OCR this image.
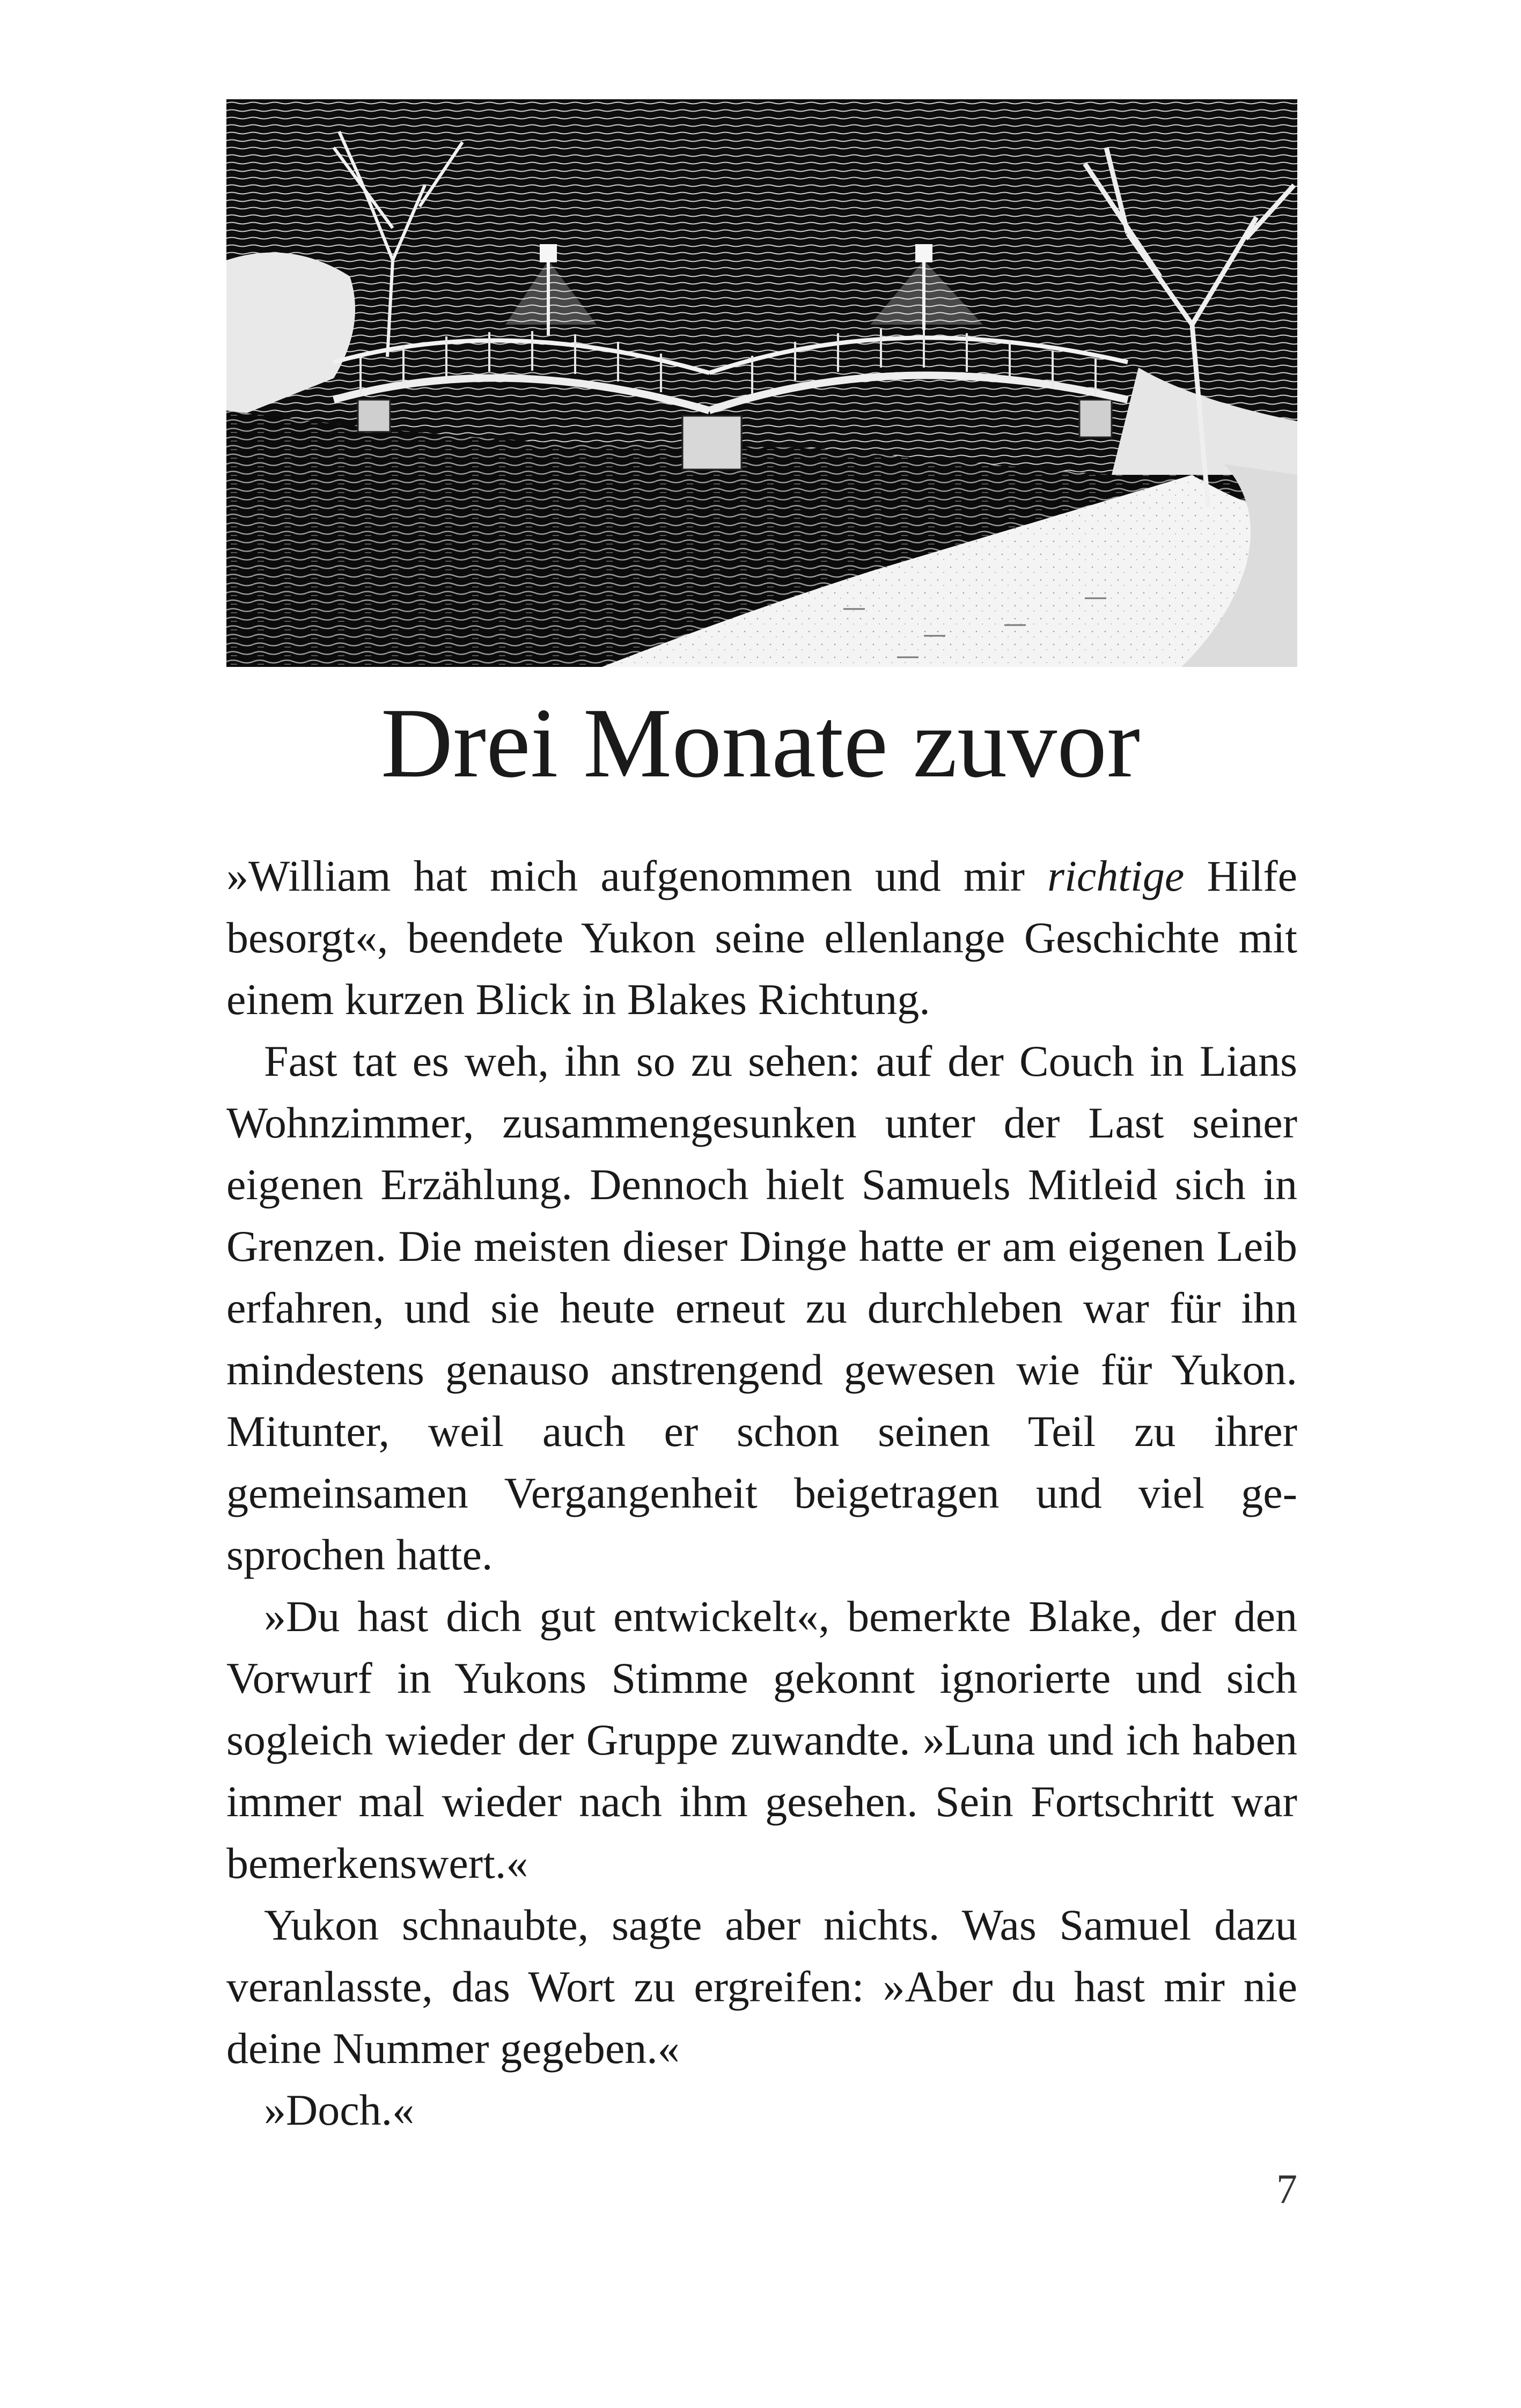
Drei Monate zuvor

»William hat mich aufgenommen und mir richtige Hilfe besorgt«, beendete Yukon seine ellenlange Geschichte mit einem kurzen Blick in Blakes Richtung.

Fast tat es weh, ihn so zu sehen: auf der Couch in Lians Wohnzimmer, zusammengesunken unter der Last seiner eigenen Erzählung. Dennoch hielt Samuels Mitleid sich in Grenzen. Die meisten dieser Dinge hatte er am eigenen Leib erfahren, und sie heute erneut zu durchleben war für ihn mindestens genauso anstrengend gewesen wie für Yukon. Mitunter, weil auch er schon seinen Teil zu ihrer gemeinsamen Vergangenheit beigetragen und viel gesprochen hatte.

»Du hast dich gut entwickelt«, bemerkte Blake, der den Vorwurf in Yukons Stimme gekonnt ignorierte und sich sogleich wieder der Gruppe zuwandte. »Luna und ich haben immer mal wieder nach ihm gesehen. Sein Fortschritt war bemerkenswert.«

Yukon schnaubte, sagte aber nichts. Was Samuel dazu veranlasste, das Wort zu ergreifen: »Aber du hast mir nie deine Nummer gegeben.«

»Doch.«

7
